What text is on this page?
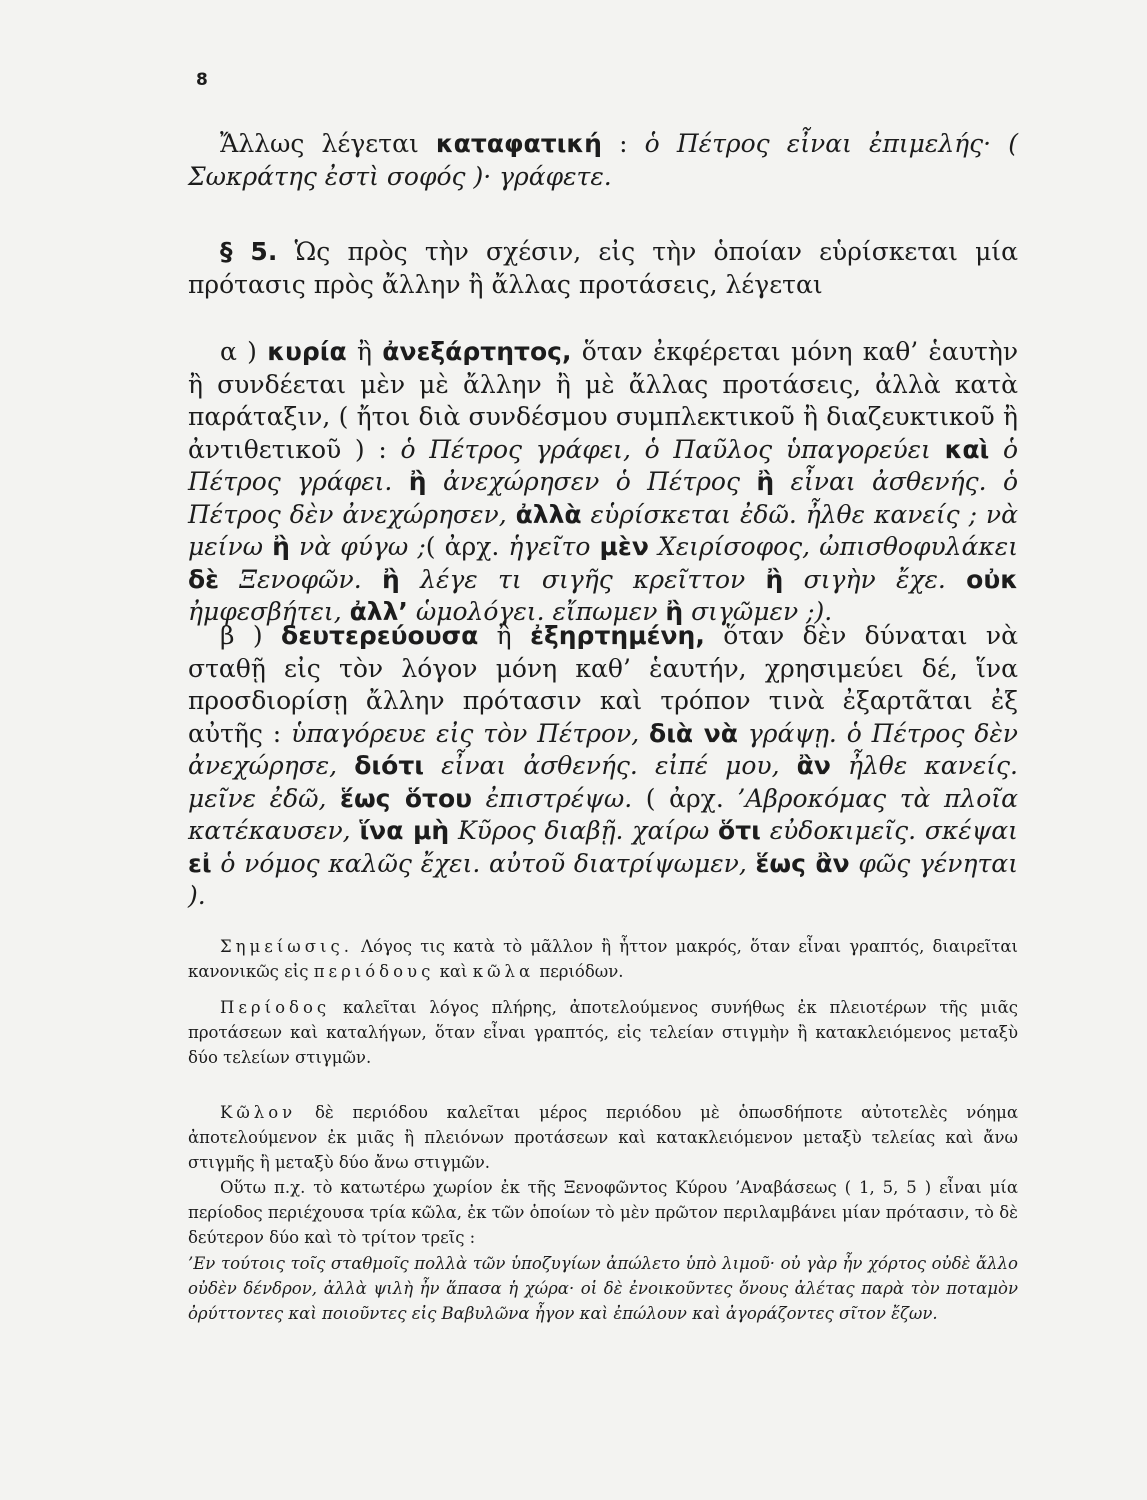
8

Ἄλλως λέγεται καταφατική : ὁ Πέτρος εἶναι ἐπιμελής· ( Σωκράτης ἐστὶ σοφός )· γράφετε.

§ 5. Ὡς πρὸς τὴν σχέσιν, εἰς τὴν ὁποίαν εὑρίσκεται μία πρότασις πρὸς ἄλλην ἢ ἄλλας προτάσεις, λέγεται

α ) κυρία ἢ ἀνεξάρτητος, ὅταν ἐκφέρεται μόνη καθ’ ἑαυτὴν ἢ συνδέεται μὲν μὲ ἄλλην ἢ μὲ ἄλλας προτάσεις, ἀλλὰ κατὰ παράταξιν, ( ἤτοι διὰ συνδέσμου συμπλεκτικοῦ ἢ διαζευκτικοῦ ἢ ἀντιθετικοῦ ) : ὁ Πέτρος γράφει, ὁ Παῦλος ὑπαγορεύει καὶ ὁ Πέτρος γράφει. ἢ ἀνεχώρησεν ὁ Πέτρος ἢ εἶναι ἀσθενής. ὁ Πέτρος δὲν ἀνεχώρησεν, ἀλλὰ εὑρίσκεται ἐδῶ. ἦλθε κανείς ; νὰ μείνω ἢ νὰ φύγω ;( ἀρχ. ἡγεῖτο μὲν Χειρίσοφος, ὠπισθοφυλάκει δὲ Ξενοφῶν. ἢ λέγε τι σιγῆς κρεῖττον ἢ σιγὴν ἔχε. οὐκ ἠμφεσβήτει, ἀλλ’ ὡμολόγει. εἴπωμεν ἢ σιγῶμεν ;).

β ) δευτερεύουσα ἢ ἐξηρτημένη, ὅταν δὲν δύναται νὰ σταθῇ εἰς τὸν λόγον μόνη καθ’ ἑαυτήν, χρησιμεύει δέ, ἵνα προσδιορίσῃ ἄλλην πρότασιν καὶ τρόπον τινὰ ἐξαρτᾶται ἐξ αὐτῆς : ὑπαγόρευε εἰς τὸν Πέτρον, διὰ νὰ γράψῃ. ὁ Πέτρος δὲν ἀνεχώρησε, διότι εἶναι ἀσθενής. εἰπέ μου, ἂν ἦλθε κανείς. μεῖνε ἐδῶ, ἕως ὅτου ἐπιστρέψω. ( ἀρχ. ’Αβροκόμας τὰ πλοῖα κατέκαυσεν, ἵνα μὴ Κῦρος διαβῇ. χαίρω ὅτι εὐδοκιμεῖς. σκέψαι εἰ ὁ νόμος καλῶς ἔχει. αὐτοῦ διατρίψωμεν, ἕως ἂν φῶς γένηται ).

Σημείωσις. Λόγος τις κατὰ τὸ μᾶλλον ἢ ἧττον μακρός, ὅταν εἶναι γραπτός, διαιρεῖται κανονικῶς εἰς περιόδους καὶ κῶλα περιόδων.

Περίοδος καλεῖται λόγος πλήρης, ἀποτελούμενος συνήθως ἐκ πλειοτέρων τῆς μιᾶς προτάσεων καὶ καταλήγων, ὅταν εἶναι γραπτός, εἰς τελείαν στιγμὴν ἢ κατακλειόμενος μεταξὺ δύο τελείων στιγμῶν.

Κῶλον δὲ περιόδου καλεῖται μέρος περιόδου μὲ ὁπωσδήποτε αὐτοτελὲς νόημα ἀποτελούμενον ἐκ μιᾶς ἢ πλειόνων προτάσεων καὶ κατακλειόμενον μεταξὺ τελείας καὶ ἄνω στιγμῆς ἢ μεταξὺ δύο ἄνω στιγμῶν.

Οὕτω π.χ. τὸ κατωτέρω χωρίον ἐκ τῆς Ξενοφῶντος Κύρου ’Αναβάσεως ( 1, 5, 5 ) εἶναι μία περίοδος περιέχουσα τρία κῶλα, ἐκ τῶν ὁποίων τὸ μὲν πρῶτον περιλαμβάνει μίαν πρότασιν, τὸ δὲ δεύτερον δύο καὶ τὸ τρίτον τρεῖς :

’Εν τούτοις τοῖς σταθμοῖς πολλὰ τῶν ὑποζυγίων ἀπώλετο ὑπὸ λιμοῦ· οὐ γὰρ ἦν χόρτος οὐδὲ ἄλλο οὐδὲν δένδρον, ἀλλὰ ψιλὴ ἦν ἅπασα ἡ χώρα· οἱ δὲ ἐνοικοῦντες ὄνους ἀλέτας παρὰ τὸν ποταμὸν ὀρύττοντες καὶ ποιοῦντες εἰς Βαβυλῶνα ἦγον καὶ ἐπώλουν καὶ ἀγοράζοντες σῖτον ἔζων.
